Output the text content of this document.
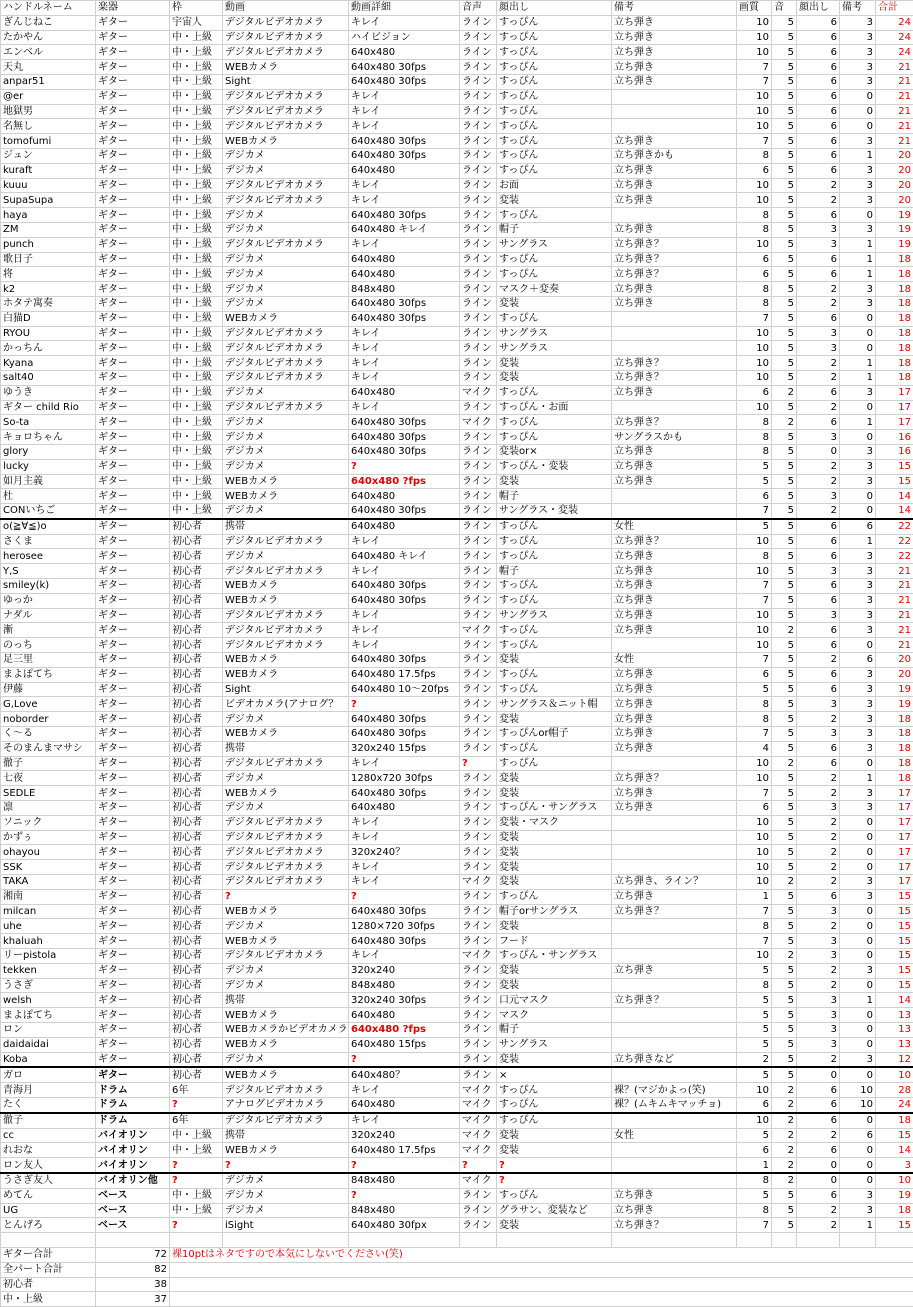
ハンドルネーム	楽器	枠	動画	動画詳細	音声	顔出し	備考	画質	音	顔出し	備考	合計
ぎんじねこ	ギター	宇宙人	デジタルビデオカメラ	キレイ	ライン	すっぴん	立ち弾き	10	5	6	3	24
たかやん	ギター	中・上級	デジタルビデオカメラ	ハイビジョン	ライン	すっぴん	立ち弾き	10	5	6	3	24
エンベル	ギター	中・上級	デジタルビデオカメラ	640x480	ライン	すっぴん	立ち弾き	10	5	6	3	24
天丸	ギター	中・上級	WEBカメラ	640x480 30fps	ライン	すっぴん	立ち弾き	7	5	6	3	21
anpar51	ギター	中・上級	Sight	640x480 30fps	ライン	すっぴん	立ち弾き	7	5	6	3	21
@er	ギター	中・上級	デジタルビデオカメラ	キレイ	ライン	すっぴん		10	5	6	0	21
地獄男	ギター	中・上級	デジタルビデオカメラ	キレイ	ライン	すっぴん		10	5	6	0	21
名無し	ギター	中・上級	デジタルビデオカメラ	キレイ	ライン	すっぴん		10	5	6	0	21
tomofumi	ギター	中・上級	WEBカメラ	640x480 30fps	ライン	すっぴん	立ち弾き	7	5	6	3	21
ジュン	ギター	中・上級	デジカメ	640x480 30fps	ライン	すっぴん	立ち弾きかも	8	5	6	1	20
kuraft	ギター	中・上級	デジカメ	640x480	ライン	すっぴん	立ち弾き	6	5	6	3	20
kuuu	ギター	中・上級	デジタルビデオカメラ	キレイ	ライン	お面	立ち弾き	10	5	2	3	20
SupaSupa	ギター	中・上級	デジタルビデオカメラ	キレイ	ライン	変装	立ち弾き	10	5	2	3	20
haya	ギター	中・上級	デジカメ	640x480 30fps	ライン	すっぴん		8	5	6	0	19
ZM	ギター	中・上級	デジカメ	640x480 キレイ	ライン	帽子	立ち弾き	8	5	3	3	19
punch	ギター	中・上級	デジタルビデオカメラ	キレイ	ライン	サングラス	立ち弾き？	10	5	3	1	19
歌日子	ギター	中・上級	デジカメ	640x480	ライン	すっぴん	立ち弾き？	6	5	6	1	18
将	ギター	中・上級	デジカメ	640x480	ライン	すっぴん	立ち弾き？	6	5	6	1	18
k2	ギター	中・上級	デジカメ	848x480	ライン	マスク＋変奏	立ち弾き	8	5	2	3	18
ホタテ寓奏	ギター	中・上級	デジカメ	640x480 30fps	ライン	変装	立ち弾き	8	5	2	3	18
白猫D	ギター	中・上級	WEBカメラ	640x480 30fps	ライン	すっぴん		7	5	6	0	18
RYOU	ギター	中・上級	デジタルビデオカメラ	キレイ	ライン	サングラス		10	5	3	0	18
かっちん	ギター	中・上級	デジタルビデオカメラ	キレイ	ライン	サングラス		10	5	3	0	18
Kyana	ギター	中・上級	デジタルビデオカメラ	キレイ	ライン	変装	立ち弾き？	10	5	2	1	18
salt40	ギター	中・上級	デジタルビデオカメラ	キレイ	ライン	変装	立ち弾き？	10	5	2	1	18
ゆうき	ギター	中・上級	デジカメ	640x480	マイク	すっぴん	立ち弾き	6	2	6	3	17
ギター child Rio	ギター	中・上級	デジタルビデオカメラ	キレイ	ライン	すっぴん・お面		10	5	2	0	17
So-ta	ギター	中・上級	デジカメ	640x480 30fps	マイク	すっぴん	立ち弾き？	8	2	6	1	17
キョロちゃん	ギター	中・上級	デジカメ	640x480 30fps	ライン	すっぴん	サングラスかも	8	5	3	0	16
glory	ギター	中・上級	デジカメ	640x480 30fps	ライン	変装or×	立ち弾き	8	5	0	3	16
lucky	ギター	中・上級	デジカメ	?	ライン	すっぴん・変装	立ち弾き	5	5	2	3	15
如月主義	ギター	中・上級	WEBカメラ	640x480 ?fps	ライン	変装	立ち弾き	5	5	2	3	15
杜	ギター	中・上級	WEBカメラ	640x480	ライン	帽子		6	5	3	0	14
CONいちご	ギター	中・上級	デジカメ	640x480 30fps	ライン	サングラス・変装		7	5	2	0	14
o(≧∀≦)o	ギター	初心者	携帯	640x480	ライン	すっぴん	女性	5	5	6	6	22
さくま	ギター	初心者	デジタルビデオカメラ	キレイ	ライン	すっぴん	立ち弾き？	10	5	6	1	22
herosee	ギター	初心者	デジカメ	640x480 キレイ	ライン	すっぴん	立ち弾き	8	5	6	3	22
Y,S	ギター	初心者	デジタルビデオカメラ	キレイ	ライン	帽子	立ち弾き	10	5	3	3	21
smiley(k)	ギター	初心者	WEBカメラ	640x480 30fps	ライン	すっぴん	立ち弾き	7	5	6	3	21
ゆっか	ギター	初心者	WEBカメラ	640x480 30fps	ライン	すっぴん	立ち弾き	7	5	6	3	21
ナダル	ギター	初心者	デジタルビデオカメラ	キレイ	ライン	サングラス	立ち弾き	10	5	3	3	21
漸	ギター	初心者	デジタルビデオカメラ	キレイ	マイク	すっぴん	立ち弾き	10	2	6	3	21
のっち	ギター	初心者	デジタルビデオカメラ	キレイ	ライン	すっぴん		10	5	6	0	21
足三里	ギター	初心者	WEBカメラ	640x480 30fps	ライン	変装	女性	7	5	2	6	20
まよぽてち	ギター	初心者	WEBカメラ	640x480 17.5fps	ライン	すっぴん	立ち弾き	6	5	6	3	20
伊藤	ギター	初心者	Sight	640x480 10〜20fps	ライン	すっぴん	立ち弾き	5	5	6	3	19
G,Love	ギター	初心者	ビデオカメラ(アナログ？	?	ライン	サングラス＆ニット帽	立ち弾き	8	5	3	3	19
noborder	ギター	初心者	デジカメ	640x480 30fps	ライン	変装	立ち弾き	8	5	2	3	18
く～る	ギター	初心者	WEBカメラ	640x480 30fps	ライン	すっぴんor帽子	立ち弾き	7	5	3	3	18
そのまんまマサシ	ギター	初心者	携帯	320x240 15fps	ライン	すっぴん	立ち弾き	4	5	6	3	18
徹子	ギター	初心者	デジタルビデオカメラ	キレイ	?	すっぴん		10	2	6	0	18
七夜	ギター	初心者	デジカメ	1280x720 30fps	ライン	変装	立ち弾き？	10	5	2	1	18
SEDLE	ギター	初心者	WEBカメラ	640x480 30fps	ライン	変装	立ち弾き	7	5	2	3	17
凛	ギター	初心者	デジカメ	640x480	ライン	すっぴん・サングラス	立ち弾き	6	5	3	3	17
ソニック	ギター	初心者	デジタルビデオカメラ	キレイ	ライン	変装・マスク		10	5	2	0	17
かずぅ	ギター	初心者	デジタルビデオカメラ	キレイ	ライン	変装		10	5	2	0	17
ohayou	ギター	初心者	デジタルビデオカメラ	320x240？	ライン	変装		10	5	2	0	17
SSK	ギター	初心者	デジタルビデオカメラ	キレイ	ライン	変装		10	5	2	0	17
TAKA	ギター	初心者	デジタルビデオカメラ	キレイ	マイク	変装	立ち弾き、ライン？	10	2	2	3	17
湘南	ギター	初心者	?	?	ライン	すっぴん	立ち弾き	1	5	6	3	15
milcan	ギター	初心者	WEBカメラ	640x480 30fps	ライン	帽子orサングラス	立ち弾き？	7	5	3	0	15
uhe	ギター	初心者	デジカメ	1280×720 30fps	ライン	変装		8	5	2	0	15
khaluah	ギター	初心者	WEBカメラ	640x480 30fps	ライン	フード		7	5	3	0	15
リーpistola	ギター	初心者	デジタルビデオカメラ	キレイ	マイク	すっぴん・サングラス		10	2	3	0	15
tekken	ギター	初心者	デジカメ	320x240	ライン	変装	立ち弾き	5	5	2	3	15
うさぎ	ギター	初心者	デジカメ	848x480	ライン	変装		8	5	2	0	15
welsh	ギター	初心者	携帯	320x240 30fps	ライン	口元マスク	立ち弾き？	5	5	3	1	14
まよぽてち	ギター	初心者	WEBカメラ	640x480	ライン	マスク		5	5	3	0	13
ロン	ギター	初心者	WEBカメラかビデオカメラ	640x480 ?fps	ライン	帽子		5	5	3	0	13
daidaidai	ギター	初心者	WEBカメラ	640x480 15fps	ライン	サングラス		5	5	3	0	13
Koba	ギター	初心者	デジカメ	?	ライン	変装	立ち弾きなど	2	5	2	3	12
ガロ	ギター	初心者	WEBカメラ	640x480？	ライン	×		5	5	0	0	10
青海月	ドラム	6年	デジタルビデオカメラ	キレイ	マイク	すっぴん	裸？(マジかよっ(笑)	10	2	6	10	28
たく	ドラム	?	アナログビデオカメラ	640x480	マイク	すっぴん	裸？(ムキムキマッチョ)	6	2	6	10	24
徹子	ドラム	6年	デジタルビデオカメラ	キレイ	マイク	すっぴん		10	2	6	0	18
cc	バイオリン	中・上級	携帯	320x240	マイク	変装	女性	5	2	2	6	15
れおな	バイオリン	中・上級	WEBカメラ	640x480 17.5fps	マイク	変装		6	2	6	0	14
ロン友人	バイオリン	?	?	?	?	?		1	2	0	0	3
うさぎ友人	バイオリン他	?	デジカメ	848x480	マイク	?		8	2	0	0	10
めてん	ベース	中・上級	デジカメ	?	ライン	すっぴん	立ち弾き	5	5	6	3	19
UG	ベース	中・上級	デジカメ	848x480	ライン	グラサン、変装など	立ち弾き	8	5	2	3	18
とんげろ	ベース	?	iSight	640x480 30fpx	ライン	変装	立ち弾き？	7	5	2	1	15

ギター合計	72	裸10ptはネタですので本気にしないでください(笑)										
全パート合計	82											
初心者	38											
中・上級	37											
